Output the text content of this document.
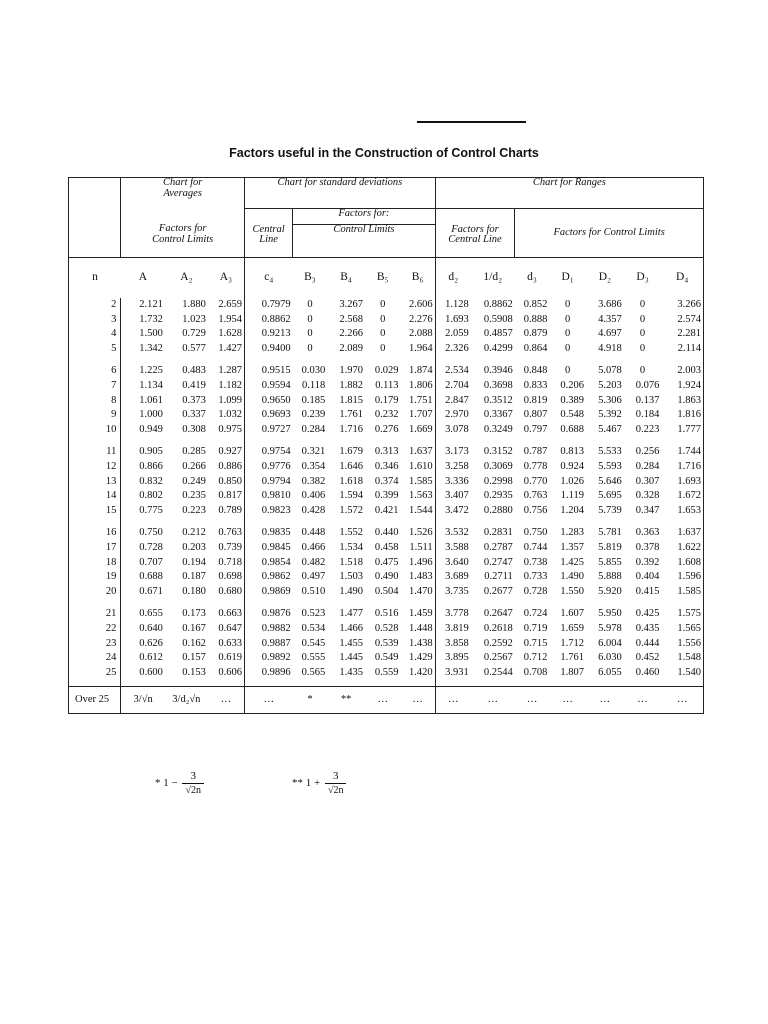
Factors useful in the Construction of Control Charts
	Chart for
Averages			Chart for standard deviations					Chart for Ranges						
	Factors for
Control Limits				Factors for:				Factors for
Central Line		Factors for Control Limits				
				Central
Line	Control Limits										
n	A	A₂	A₃	c₄	B₃	B₄	B₅	B₆	d₂	1/d₂	d₃	D₁	D₂	D₃	D₄
2	2.121	1.880	2.659	0.7979	0	3.267	0	2.606	1.128	0.8862	0.852	0	3.686	0	3.266
3	1.732	1.023	1.954	0.8862	0	2.568	0	2.276	1.693	0.5908	0.888	0	4.357	0	2.574
4	1.500	0.729	1.628	0.9213	0	2.266	0	2.088	2.059	0.4857	0.879	0	4.697	0	2.281
5	1.342	0.577	1.427	0.9400	0	2.089	0	1.964	2.326	0.4299	0.864	0	4.918	0	2.114

6	1.225	0.483	1.287	0.9515	0.030	1.970	0.029	1.874	2.534	0.3946	0.848	0	5.078	0	2.003
7	1.134	0.419	1.182	0.9594	0.118	1.882	0.113	1.806	2.704	0.3698	0.833	0.206	5.203	0.076	1.924
8	1.061	0.373	1.099	0.9650	0.185	1.815	0.179	1.751	2.847	0.3512	0.819	0.389	5.306	0.137	1.863
9	1.000	0.337	1.032	0.9693	0.239	1.761	0.232	1.707	2.970	0.3367	0.807	0.548	5.392	0.184	1.816
10	0.949	0.308	0.975	0.9727	0.284	1.716	0.276	1.669	3.078	0.3249	0.797	0.688	5.467	0.223	1.777

11	0.905	0.285	0.927	0.9754	0.321	1.679	0.313	1.637	3.173	0.3152	0.787	0.813	5.533	0.256	1.744
12	0.866	0.266	0.886	0.9776	0.354	1.646	0.346	1.610	3.258	0.3069	0.778	0.924	5.593	0.284	1.716
13	0.832	0.249	0.850	0.9794	0.382	1.618	0.374	1.585	3.336	0.2998	0.770	1.026	5.646	0.307	1.693
14	0.802	0.235	0.817	0.9810	0.406	1.594	0.399	1.563	3.407	0.2935	0.763	1.119	5.695	0.328	1.672
15	0.775	0.223	0.789	0.9823	0.428	1.572	0.421	1.544	3.472	0.2880	0.756	1.204	5.739	0.347	1.653

16	0.750	0.212	0.763	0.9835	0.448	1.552	0.440	1.526	3.532	0.2831	0.750	1.283	5.781	0.363	1.637
17	0.728	0.203	0.739	0.9845	0.466	1.534	0.458	1.511	3.588	0.2787	0.744	1.357	5.819	0.378	1.622
18	0.707	0.194	0.718	0.9854	0.482	1.518	0.475	1.496	3.640	0.2747	0.738	1.425	5.855	0.392	1.608
19	0.688	0.187	0.698	0.9862	0.497	1.503	0.490	1.483	3.689	0.2711	0.733	1.490	5.888	0.404	1.596
20	0.671	0.180	0.680	0.9869	0.510	1.490	0.504	1.470	3.735	0.2677	0.728	1.550	5.920	0.415	1.585

21	0.655	0.173	0.663	0.9876	0.523	1.477	0.516	1.459	3.778	0.2647	0.724	1.607	5.950	0.425	1.575
22	0.640	0.167	0.647	0.9882	0.534	1.466	0.528	1.448	3.819	0.2618	0.719	1.659	5.978	0.435	1.565
23	0.626	0.162	0.633	0.9887	0.545	1.455	0.539	1.438	3.858	0.2592	0.715	1.712	6.004	0.444	1.556
24	0.612	0.157	0.619	0.9892	0.555	1.445	0.549	1.429	3.895	0.2567	0.712	1.761	6.030	0.452	1.548
25	0.600	0.153	0.606	0.9896	0.565	1.435	0.559	1.420	3.931	0.2544	0.708	1.807	6.055	0.460	1.540

Over 25	3/√n	3/d₂√n	…	…	*	**	…	…	…	…	…	…	…	…	…
* $1 - \frac{3}{√2n}$	** $1 + \frac{3}{√2n}$
